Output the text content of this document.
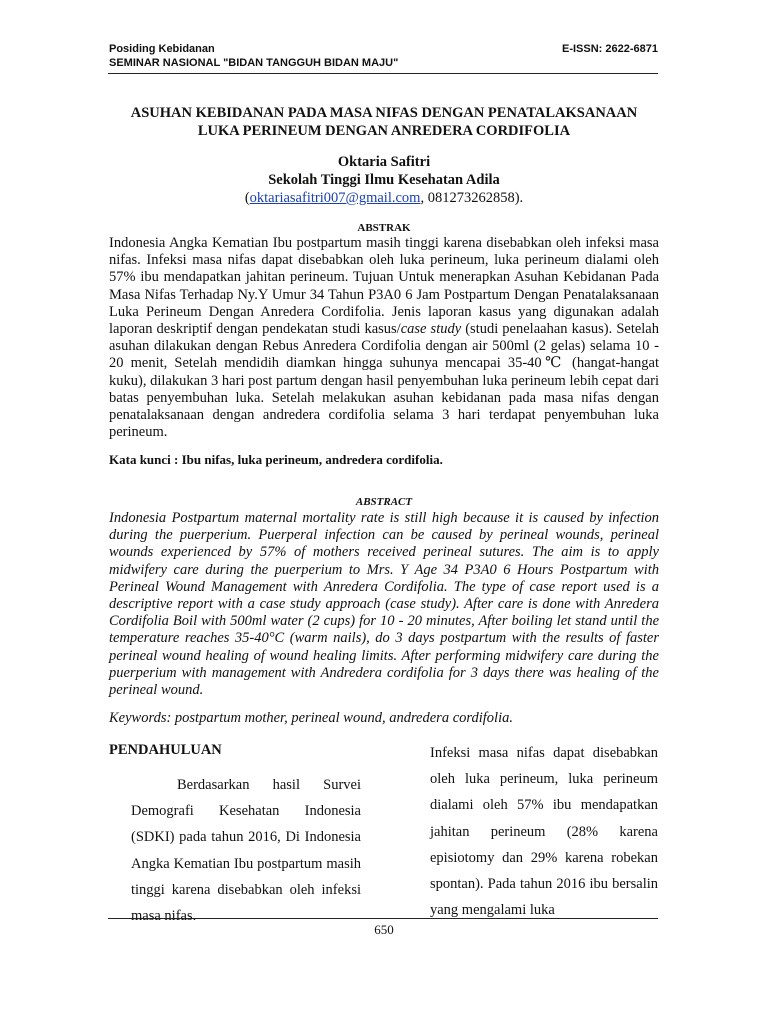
Posiding Kebidanan
SEMINAR NASIONAL "BIDAN TANGGUH BIDAN MAJU"
E-ISSN: 2622-6871
ASUHAN KEBIDANAN PADA MASA NIFAS DENGAN PENATALAKSANAAN
LUKA PERINEUM DENGAN ANREDERA CORDIFOLIA
Oktaria Safitri
Sekolah Tinggi Ilmu Kesehatan Adila
(oktariasafitri007@gmail.com, 081273262858).
ABSTRAK
Indonesia Angka Kematian Ibu postpartum masih tinggi karena disebabkan oleh infeksi masa nifas. Infeksi masa nifas dapat disebabkan oleh luka perineum, luka perineum dialami oleh 57% ibu mendapatkan jahitan perineum. Tujuan Untuk menerapkan Asuhan Kebidanan Pada Masa Nifas Terhadap Ny.Y Umur 34 Tahun P3A0 6 Jam Postpartum Dengan Penatalaksanaan Luka Perineum Dengan Anredera Cordifolia. Jenis laporan kasus yang digunakan adalah laporan deskriptif dengan pendekatan studi kasus/case study (studi penelaahan kasus). Setelah asuhan dilakukan dengan Rebus Anredera Cordifolia dengan air 500ml (2 gelas) selama 10 - 20 menit, Setelah mendidih diamkan hingga suhunya mencapai 35-40℃ (hangat-hangat kuku), dilakukan 3 hari post partum dengan hasil penyembuhan luka perineum lebih cepat dari batas penyembuhan luka. Setelah melakukan asuhan kebidanan pada masa nifas dengan penatalaksanaan dengan andredera cordifolia selama 3 hari terdapat penyembuhan luka perineum.
Kata kunci : Ibu nifas, luka perineum, andredera cordifolia.
ABSTRACT
Indonesia Postpartum maternal mortality rate is still high because it is caused by infection during the puerperium. Puerperal infection can be caused by perineal wounds, perineal wounds experienced by 57% of mothers received perineal sutures. The aim is to apply midwifery care during the puerperium to Mrs. Y Age 34 P3A0 6 Hours Postpartum with Perineal Wound Management with Anredera Cordifolia. The type of case report used is a descriptive report with a case study approach (case study). After care is done with Anredera Cordifolia Boil with 500ml water (2 cups) for 10 - 20 minutes, After boiling let stand until the temperature reaches 35-40°C (warm nails), do 3 days postpartum with the results of faster perineal wound healing of wound healing limits. After performing midwifery care during the puerperium with management with Andredera cordifolia for 3 days there was healing of the perineal wound.
Keywords: postpartum mother, perineal wound, andredera cordifolia.
PENDAHULUAN

Berdasarkan hasil Survei Demografi Kesehatan Indonesia (SDKI) pada tahun 2016, Di Indonesia Angka Kematian Ibu postpartum masih tinggi karena disebabkan oleh infeksi masa nifas.

Infeksi masa nifas dapat disebabkan oleh luka perineum, luka perineum dialami oleh 57% ibu mendapatkan jahitan perineum (28% karena episiotomy dan 29% karena robekan spontan). Pada tahun 2016 ibu bersalin yang mengalami luka

650
